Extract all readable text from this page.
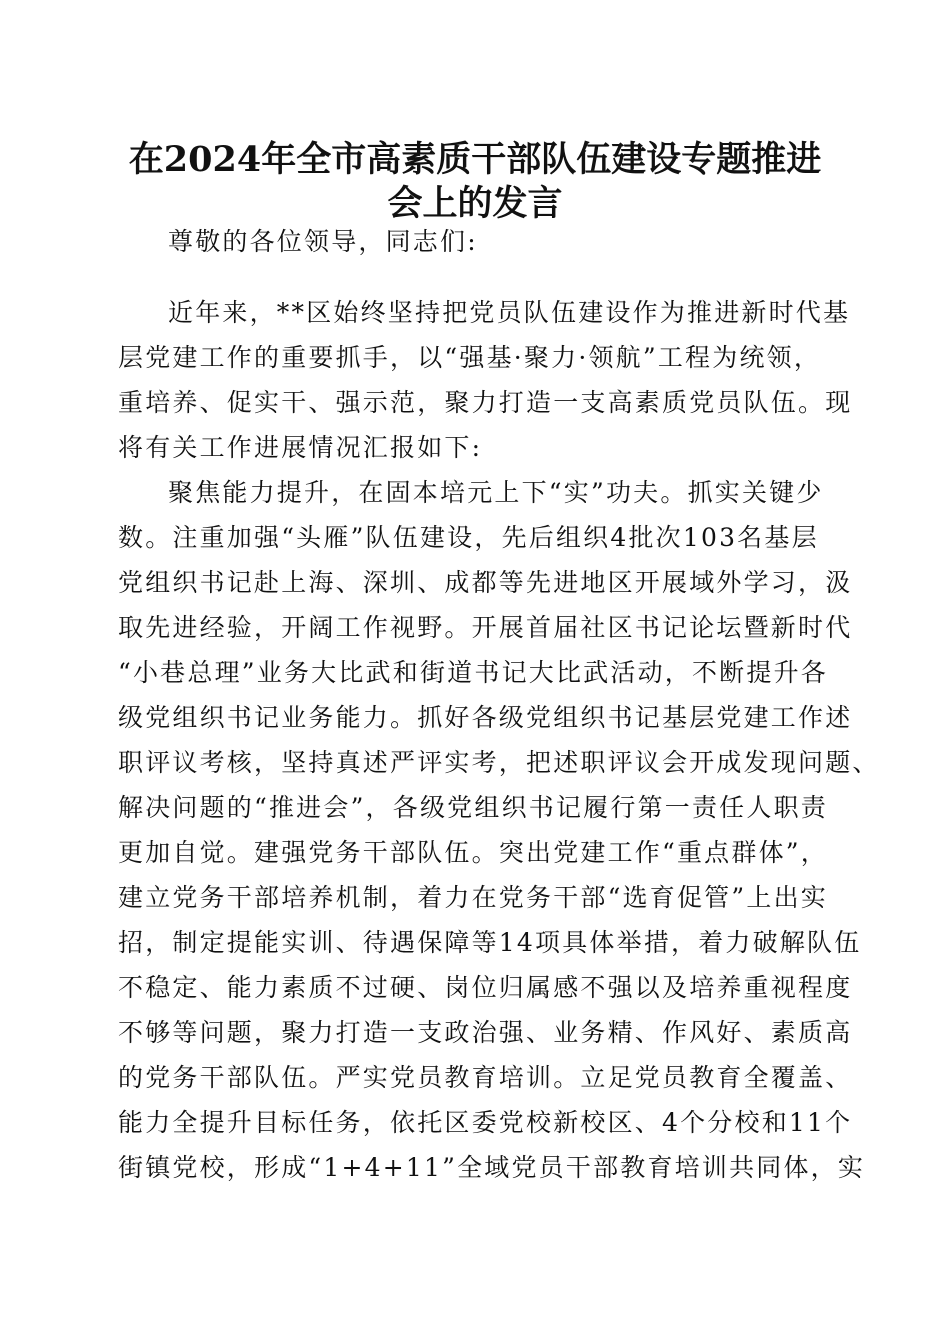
在2024年全市高素质干部队伍建设专题推进
会上的发言
尊敬的各位领导，同志们:
近年来，**区始终坚持把党员队伍建设作为推进新时代基
层党建工作的重要抓手，以“强基·聚力·领航”工程为统领，
重培养、促实干、强示范，聚力打造一支高素质党员队伍。现
将有关工作进展情况汇报如下:
聚焦能力提升，在固本培元上下“实”功夫。抓实关键少
数。注重加强“头雁”队伍建设，先后组织4批次103名基层
党组织书记赴上海、深圳、成都等先进地区开展域外学习，汲
取先进经验，开阔工作视野。开展首届社区书记论坛暨新时代
“小巷总理”业务大比武和街道书记大比武活动，不断提升各
级党组织书记业务能力。抓好各级党组织书记基层党建工作述
职评议考核，坚持真述严评实考，把述职评议会开成发现问题、
解决问题的“推进会”，各级党组织书记履行第一责任人职责
更加自觉。建强党务干部队伍。突出党建工作“重点群体”，
建立党务干部培养机制，着力在党务干部“选育促管”上出实
招，制定提能实训、待遇保障等14项具体举措，着力破解队伍
不稳定、能力素质不过硬、岗位归属感不强以及培养重视程度
不够等问题，聚力打造一支政治强、业务精、作风好、素质高
的党务干部队伍。严实党员教育培训。立足党员教育全覆盖、
能力全提升目标任务，依托区委党校新校区、4个分校和11个
街镇党校，形成“1+4+11”全域党员干部教育培训共同体，实
